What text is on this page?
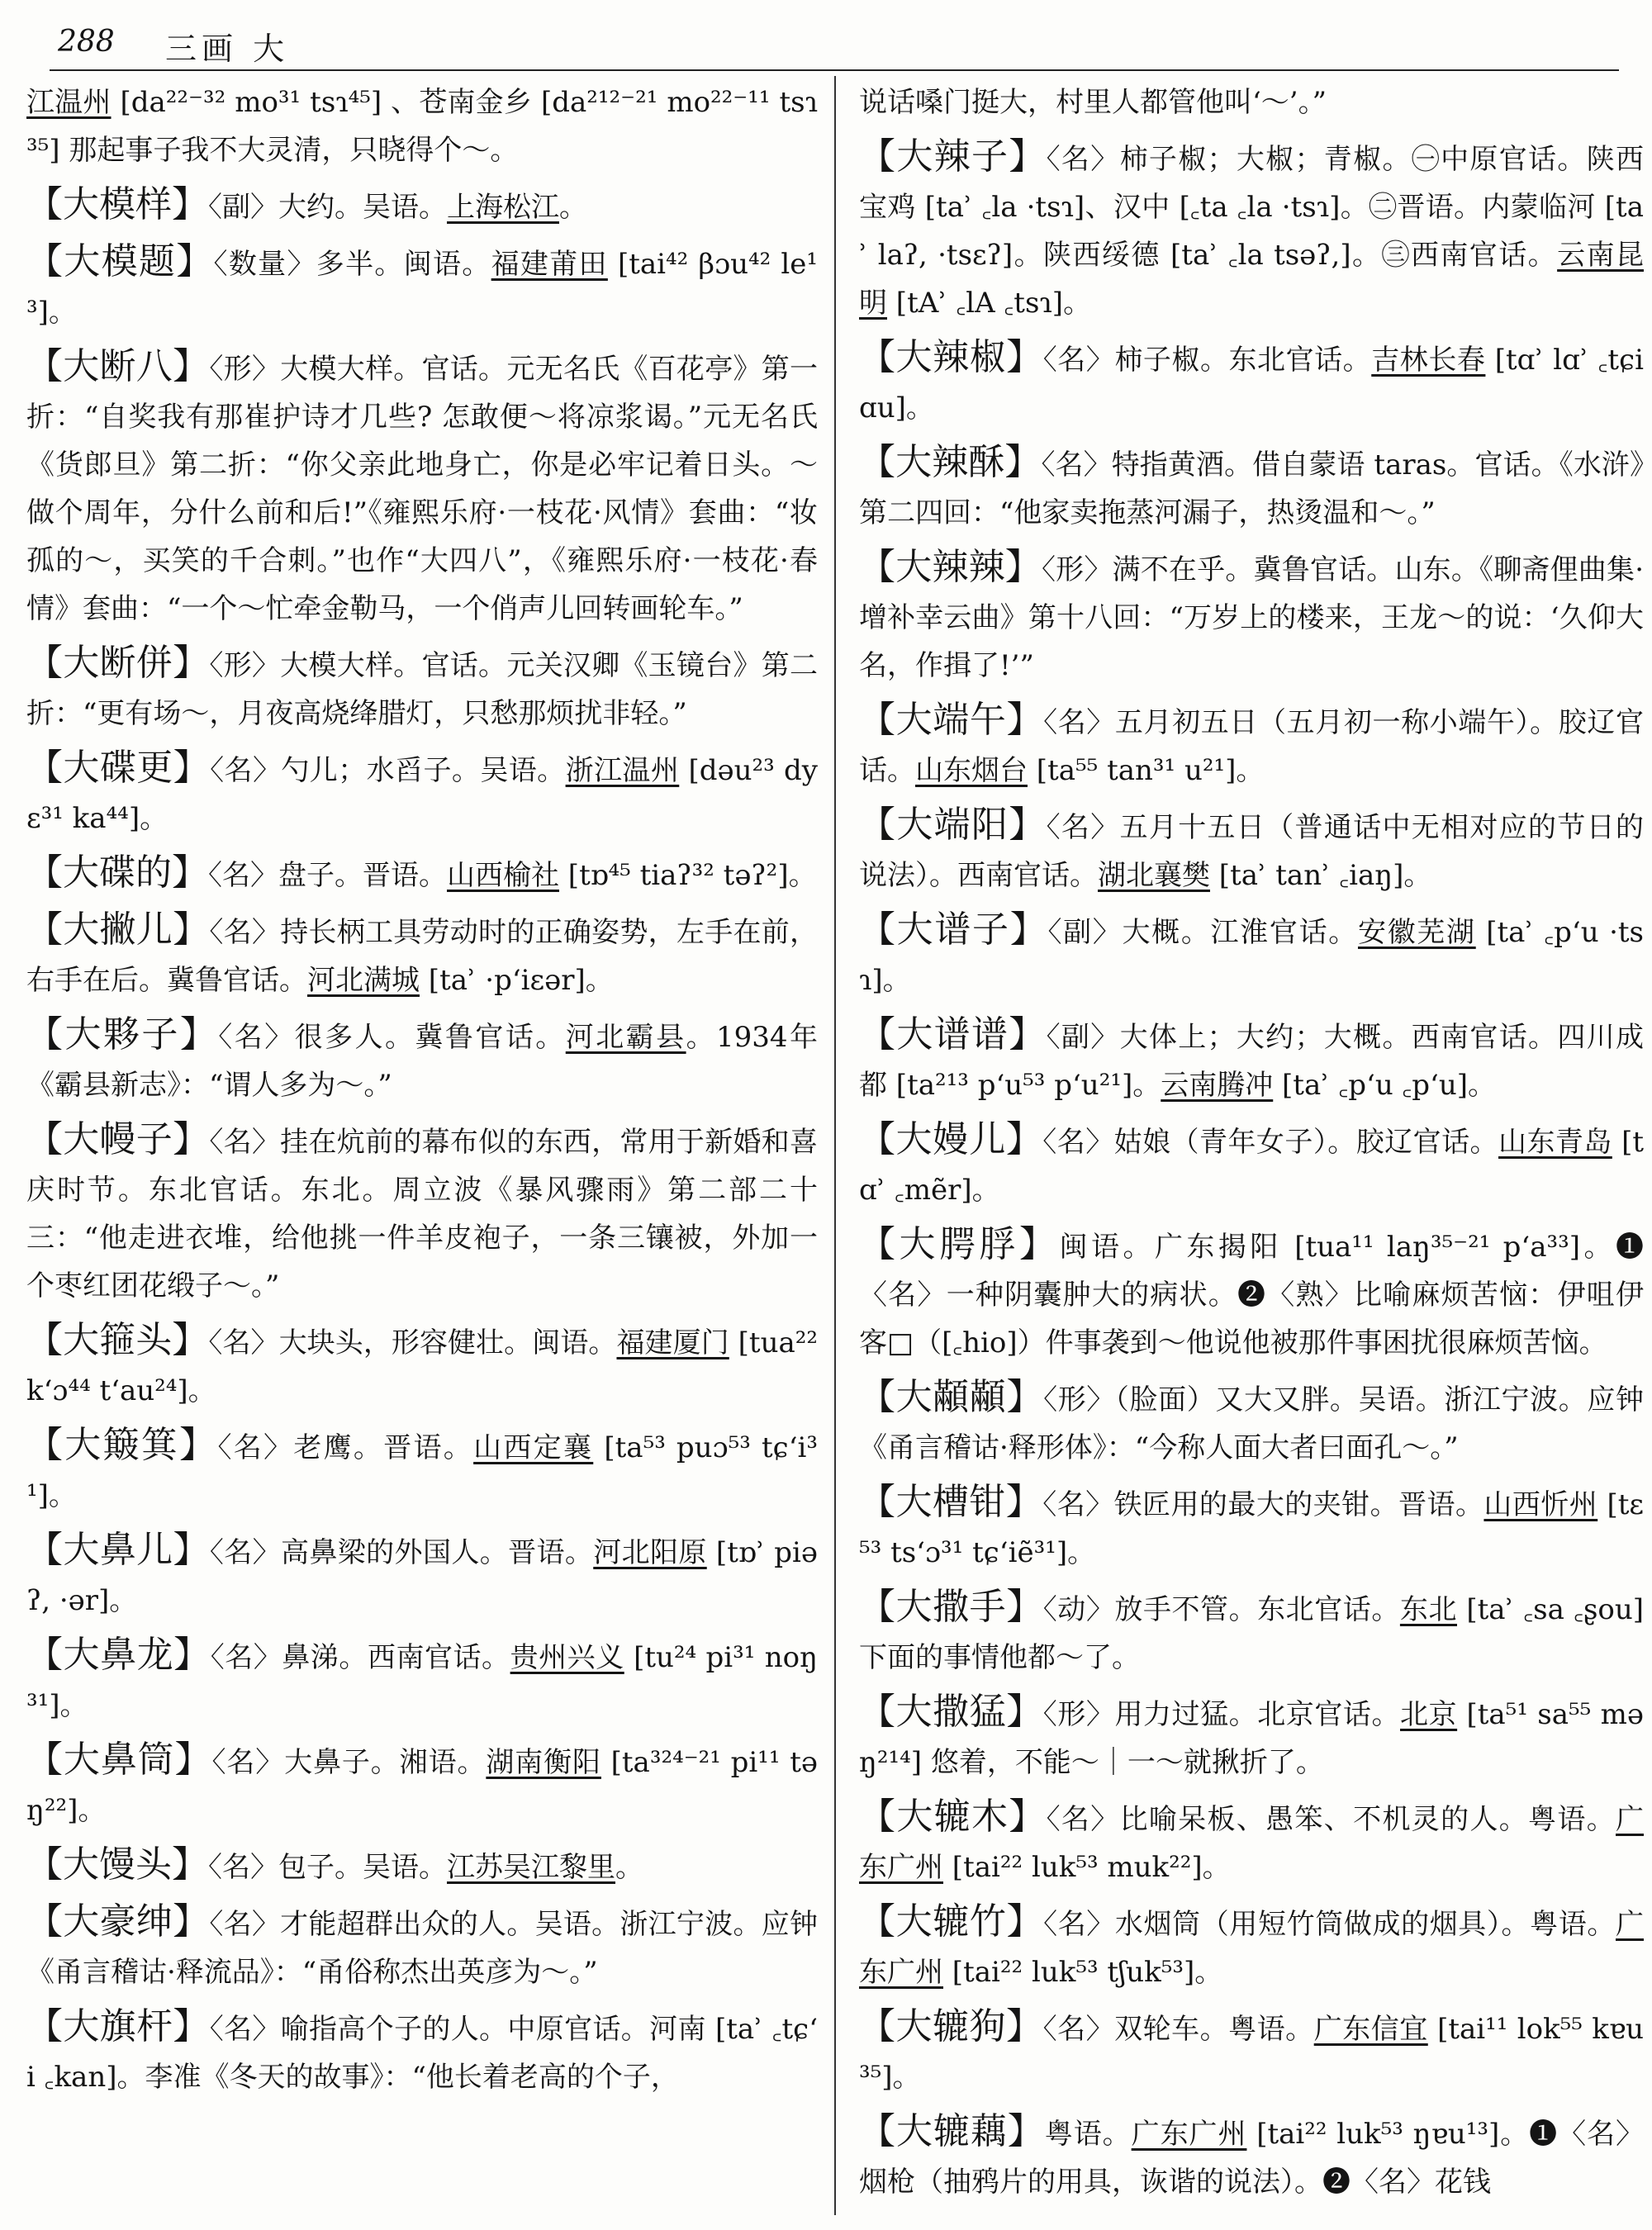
288 三画 大

江温州 [da²²⁻³² mo³¹ tsɿ⁴⁵] 、苍南金乡 [da²¹²⁻²¹ mo²²⁻¹¹ tsɿ³⁵] 那起事子我不大灵清，只晓得个～。

【大模样】〈副〉大约。吴语。上海松江。

【大模题】〈数量〉多半。闽语。福建莆田 [tai⁴² βɔu⁴² le¹³]。

【大断八】〈形〉大模大样。官话。元无名氏《百花亭》第一折：“自奖我有那崔护诗才几些? 怎敢便～将凉浆谒。”元无名氏《货郎旦》第二折：“你父亲此地身亡，你是必牢记着日头。～做个周年，分什么前和后!”《雍熙乐府·一枝花·风情》套曲：“妆孤的～，买笑的千合刺。”也作“大四八”，《雍熙乐府·一枝花·春情》套曲：“一个～忙牵金勒马，一个俏声儿回转画轮车。”

【大断併】〈形〉大模大样。官话。元关汉卿《玉镜台》第二折：“更有场～，月夜高烧绛腊灯，只愁那烦扰非轻。”

【大碟更】〈名〉勺儿；水舀子。吴语。浙江温州 [dəu²³ dyɛ³¹ ka⁴⁴]。

【大碟的】〈名〉盘子。晋语。山西榆社 [tɒ⁴⁵ tiaʔ³² təʔ²]。

【大撇儿】〈名〉持长柄工具劳动时的正确姿势，左手在前，右手在后。冀鲁官话。河北满城 [taʾ ·pʻiɛər]。

【大夥子】〈名〉很多人。冀鲁官话。河北霸县。1934年《霸县新志》：“谓人多为～。”

【大幔子】〈名〉挂在炕前的幕布似的东西，常用于新婚和喜庆时节。东北官话。东北。周立波《暴风骤雨》第二部二十三：“他走进衣堆，给他挑一件羊皮袍子，一条三镶被，外加一个枣红团花缎子～。”

【大箍头】〈名〉大块头，形容健壮。闽语。福建厦门 [tua²² kʻɔ⁴⁴ tʻau²⁴]。

【大簸箕】〈名〉老鹰。晋语。山西定襄 [ta⁵³ puɔ⁵³ tɕʻi³¹]。

【大鼻儿】〈名〉高鼻梁的外国人。晋语。河北阳原 [tɒʾ piəʔ, ·ər]。

【大鼻龙】〈名〉鼻涕。西南官话。贵州兴义 [tu²⁴ pi³¹ noŋ³¹]。

【大鼻筒】〈名〉大鼻子。湘语。湖南衡阳 [ta³²⁴⁻²¹ pi¹¹ təŋ²²]。

【大馒头】〈名〉包子。吴语。江苏吴江黎里。

【大豪绅】〈名〉才能超群出众的人。吴语。浙江宁波。应钟《甬言稽诂·释流品》：“甬俗称杰出英彦为～。”

【大旗杆】〈名〉喻指高个子的人。中原官话。河南 [taʾ ꜀tɕʻi ꜀kan]。李准《冬天的故事》：“他长着老高的个子，

说话嗓门挺大，村里人都管他叫‘～’。”

【大辣子】〈名〉柿子椒；大椒；青椒。㊀中原官话。陕西宝鸡 [taʾ ꜀la ·tsɿ]、汉中 [꜀ta ꜀la ·tsɿ]。㊁晋语。内蒙临河 [taʾ laʔ, ·tsɛʔ]。陕西绥德 [taʾ ꜀la tsəʔ,]。㊂西南官话。云南昆明 [tAʾ ꜀lA ꜀tsɿ]。

【大辣椒】〈名〉柿子椒。东北官话。吉林长春 [tɑʾ lɑʾ ꜀tɕiɑu]。

【大辣酥】〈名〉特指黄酒。借自蒙语 taras。官话。《水浒》第二四回：“他家卖拖蒸河漏子，热烫温和～。”

【大辣辣】〈形〉满不在乎。冀鲁官话。山东。《聊斋俚曲集·增补幸云曲》第十八回：“万岁上的楼来，王龙～的说：‘久仰大名，作揖了!’”

【大端午】〈名〉五月初五日（五月初一称小端午）。胶辽官话。山东烟台 [ta⁵⁵ tan³¹ u²¹]。

【大端阳】〈名〉五月十五日（普通话中无相对应的节日的说法）。西南官话。湖北襄樊 [taʾ tanʾ ꜀iaŋ]。

【大谱子】〈副〉大概。江淮官话。安徽芜湖 [taʾ ꜀pʻu ·tsɿ]。

【大谱谱】〈副〉大体上；大约；大概。西南官话。四川成都 [ta²¹³ pʻu⁵³ pʻu²¹]。云南腾冲 [taʾ ꜀pʻu ꜀pʻu]。

【大嫚儿】〈名〉姑娘（青年女子）。胶辽官话。山东青岛 [tɑʾ ꜀mẽr]。

【大腭脬】闽语。广东揭阳 [tua¹¹ laŋ³⁵⁻²¹ pʻa³³]。❶〈名〉一种阴囊肿大的病状。❷〈熟〉比喻麻烦苦恼：伊咀伊客□（[꜀hio]）件事袭到～他说他被那件事困扰很麻烦苦恼。

【大顢顢】〈形〉（脸面）又大又胖。吴语。浙江宁波。应钟《甬言稽诂·释形体》：“今称人面大者曰面孔～。”

【大槽钳】〈名〉铁匠用的最大的夹钳。晋语。山西忻州 [tɛ⁵³ tsʻɔ³¹ tɕʻiẽ³¹]。

【大撒手】〈动〉放手不管。东北官话。东北 [taʾ ꜀sa ꜀ʂou] 下面的事情他都～了。

【大撒猛】〈形〉用力过猛。北京官话。北京 [ta⁵¹ sa⁵⁵ məŋ²¹⁴] 悠着，不能～｜一～就揪折了。

【大辘木】〈名〉比喻呆板、愚笨、不机灵的人。粤语。广东广州 [tai²² luk⁵³ muk²²]。

【大辘竹】〈名〉水烟筒（用短竹筒做成的烟具）。粤语。广东广州 [tai²² luk⁵³ tʃuk⁵³]。

【大辘狗】〈名〉双轮车。粤语。广东信宜 [tai¹¹ lok⁵⁵ kɐu³⁵]。

【大辘藕】粤语。广东广州 [tai²² luk⁵³ ŋɐu¹³]。❶〈名〉烟枪（抽鸦片的用具，诙谐的说法）。❷〈名〉花钱
